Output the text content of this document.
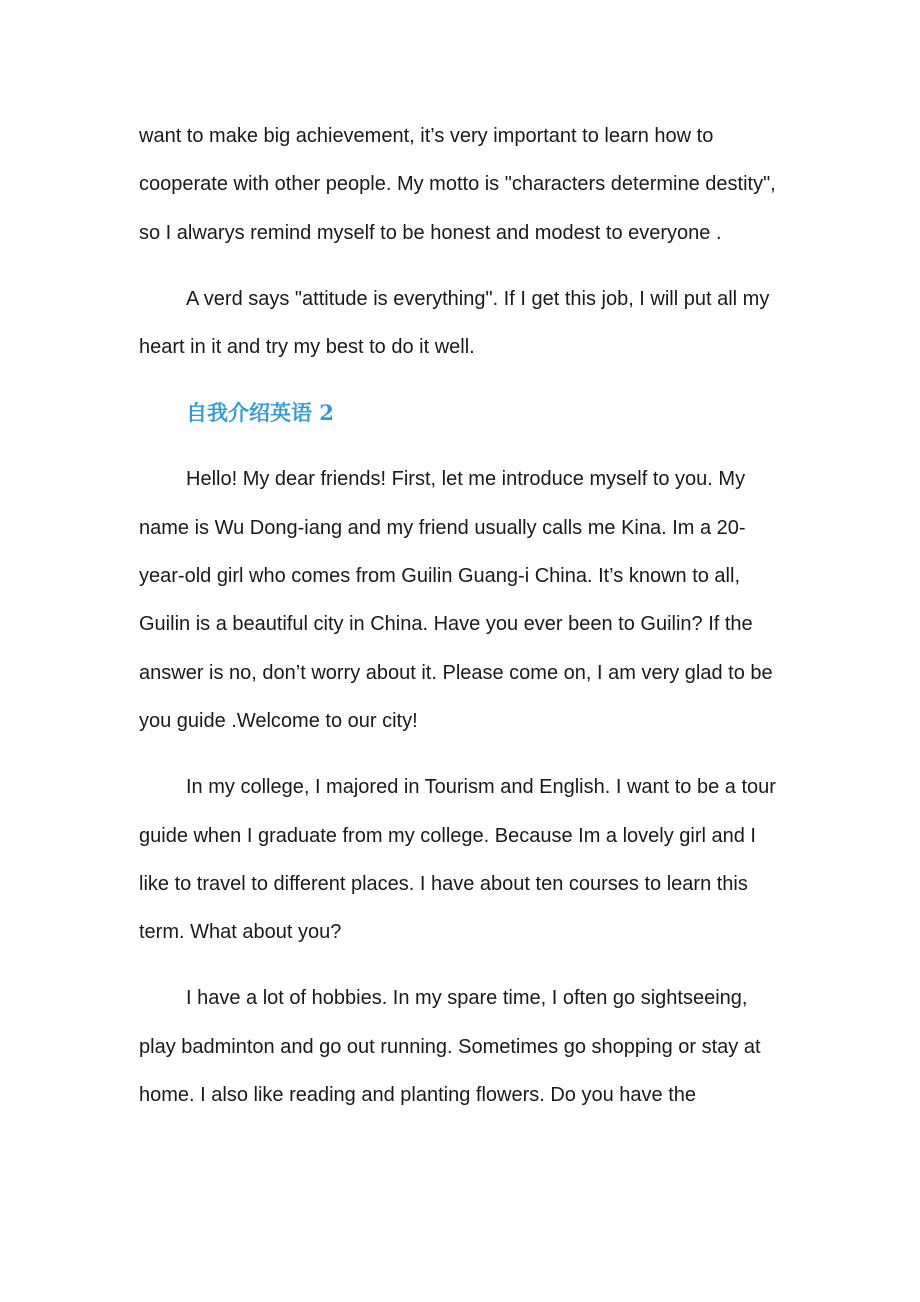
want to make big achievement, it’s very important to learn how to cooperate with other people. My motto is "characters determine destity", so I alwarys remind myself to be honest and modest to everyone .

A verd says "attitude is everything". If I get this job, I will put all my heart in it and try my best to do it well.

自我介绍英语 2

Hello! My dear friends! First, let me introduce myself to you. My name is Wu Dong-iang and my friend usually calls me Kina. Im a 20-year-old girl who comes from Guilin Guang-i China. It’s known to all, Guilin is a beautiful city in China. Have you ever been to Guilin? If the answer is no, don’t worry about it. Please come on, I am very glad to be you guide .Welcome to our city!

In my college, I majored in Tourism and English. I want to be a tour guide when I graduate from my college. Because Im a lovely girl and I like to travel to different places. I have about ten courses to learn this term. What about you?

I have a lot of hobbies. In my spare time, I often go sightseeing, play badminton and go out running. Sometimes go shopping or stay at home. I also like reading and planting flowers. Do you have the
